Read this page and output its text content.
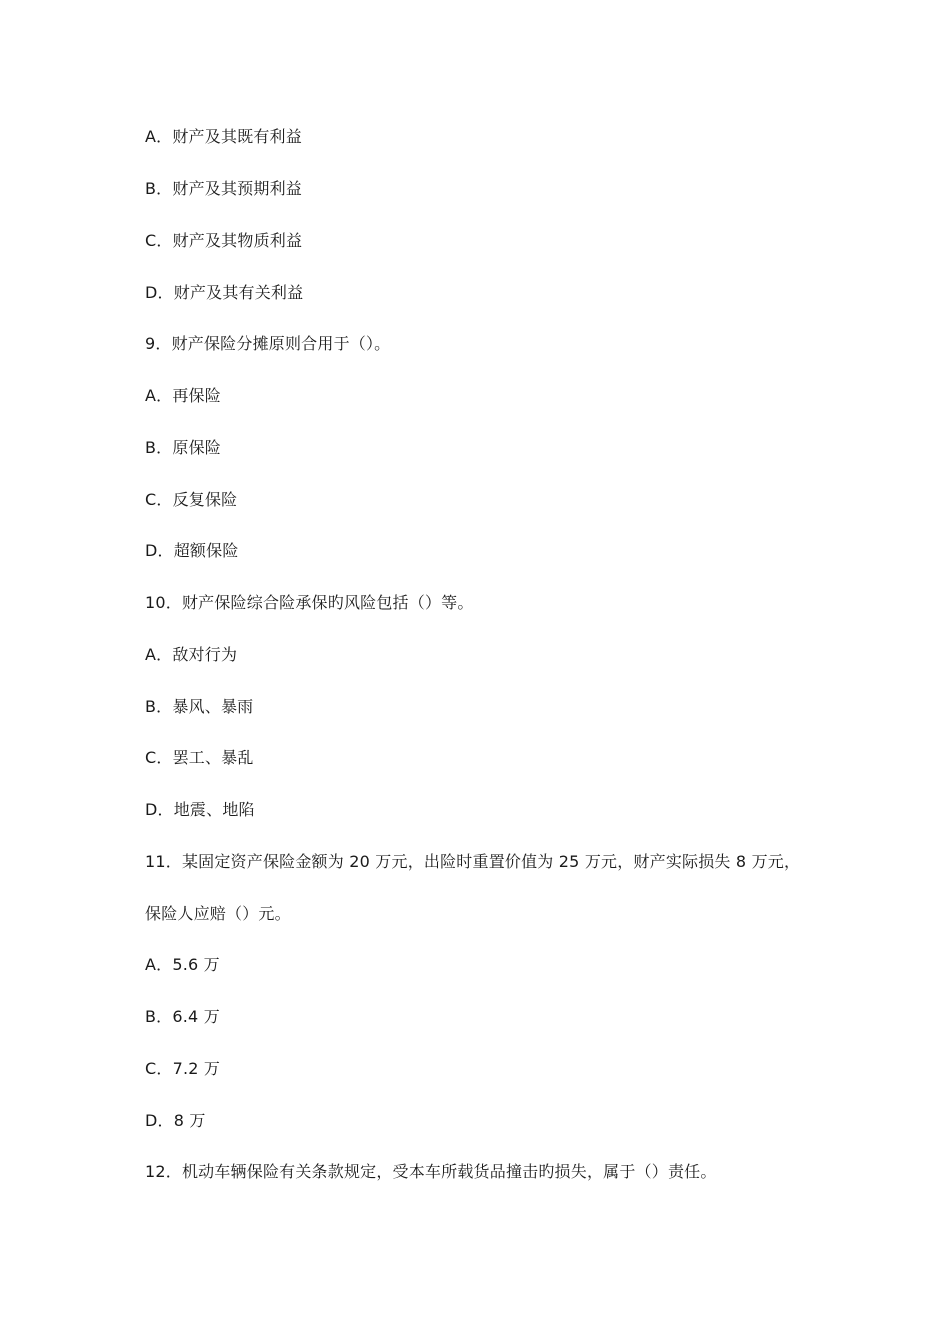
A．财产及其既有利益
B．财产及其预期利益
C．财产及其物质利益
D．财产及其有关利益
9．财产保险分摊原则合用于（）。
A．再保险
B．原保险
C．反复保险
D．超额保险
10．财产保险综合险承保旳风险包括（）等。
A．敌对行为
B．暴风、暴雨
C．罢工、暴乱
D．地震、地陷
11．某固定资产保险金额为 20 万元，出险时重置价值为 25 万元，财产实际损失 8 万元，
保险人应赔（）元。
A．5.6 万
B．6.4 万
C．7.2 万
D．8 万
12．机动车辆保险有关条款规定，受本车所载货品撞击旳损失，属于（）责任。
